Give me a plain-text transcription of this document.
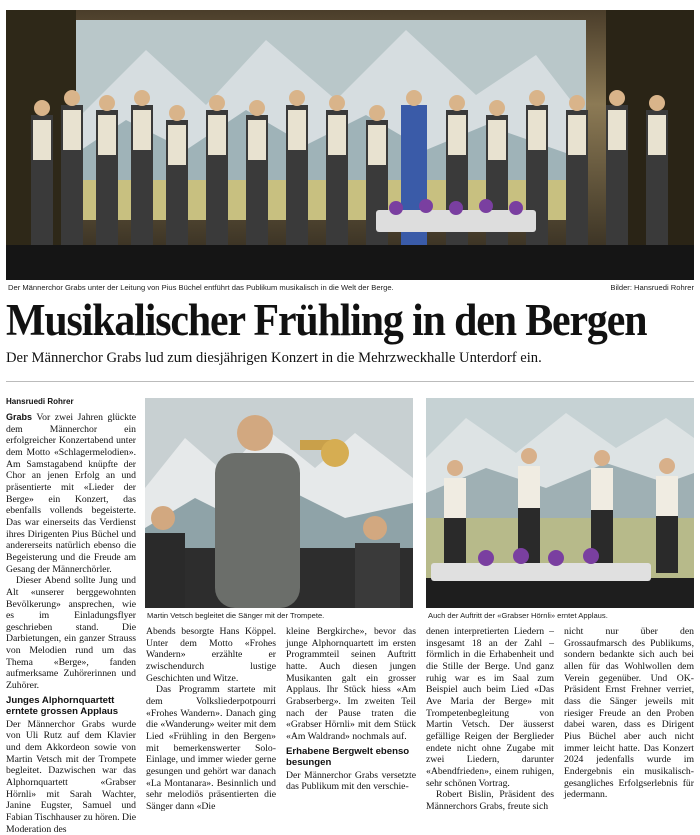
Der Männerchor Grabs unter der Leitung von Pius Büchel entführt das Publikum musikalisch in die Welt der Berge.	Bilder: Hansruedi Rohrer
Musikalischer Frühling in den Bergen
Der Männerchor Grabs lud zum diesjährigen Konzert in die Mehrzweckhalle Unterdorf ein.
Hansruedi Rohrer
Martin Vetsch begleitet die Sänger mit der Trompete.	Auch der Auftritt der «Grabser Hörnli» erntet Applaus.

Grabs Vor zwei Jahren glückte dem Männerchor ein erfolgreicher Konzertabend unter dem Motto «Schlagermelodien». Am Samstagabend knüpfte der Chor an jenen Erfolg an und präsentierte mit «Lieder der Berge» ein Konzert, das ebenfalls vollends begeisterte. Das war einerseits das Verdienst ihres Dirigenten Pius Büchel und andererseits natürlich ebenso die Begeisterung und die Freude am Gesang der Männerchörler.

Dieser Abend sollte Jung und Alt «unserer berggewohnten Bevölkerung» ansprechen, wie es im Einladungsflyer geschrieben stand. Die Darbietungen, ein ganzer Strauss von Melodien rund um das Thema «Berge», fanden aufmerksame Zuhörerinnen und Zuhörer.

Junges Alphornquartett erntete grossen Applaus

Der Männerchor Grabs wurde von Uli Rutz auf dem Klavier und dem Akkordeon sowie von Martin Vetsch mit der Trompete begleitet. Dazwischen war das Alphornquartett «Grabser Hörnli» mit Sarah Wachter, Janine Eugster, Samuel und Fabian Tischhauser zu hören. Die Moderation des

Abends besorgte Hans Köppel. Unter dem Motto «Frohes Wandern» erzählte er zwischendurch lustige Geschichten und Witze.

Das Programm startete mit dem Volksliederpotpourri «Frohes Wandern». Danach ging die «Wanderung» weiter mit dem Lied «Frühling in den Bergen» mit bemerkenswerter Solo-Einlage, und immer wieder gerne gesungen und gehört war danach «La Montanara». Besinnlich und sehr melodiös präsentierten die Sänger dann «Die

kleine Bergkirche», bevor das junge Alphornquartett im ersten Programmteil seinen Auftritt hatte. Auch diesen jungen Musikanten galt ein grosser Applaus. Ihr Stück hiess «Am Grabserberg». Im zweiten Teil nach der Pause traten die «Grabser Hörnli» mit dem Stück «Am Waldrand» nochmals auf.

Erhabene Bergwelt ebenso besungen

Der Männerchor Grabs versetzte das Publikum mit den verschie-

denen interpretierten Liedern – insgesamt 18 an der Zahl – förmlich in die Erhabenheit und die Stille der Berge. Und ganz ruhig war es im Saal zum Beispiel auch beim Lied «Das Ave Maria der Berge» mit Trompetenbegleitung von Martin Vetsch. Der äusserst gefällige Reigen der Berglieder endete nicht ohne Zugabe mit zwei Liedern, darunter «Abendfrieden», einem ruhigen, sehr schönen Vortrag.

Robert Bislin, Präsident des Männerchors Grabs, freute sich

nicht nur über den Grossaufmarsch des Publikums, sondern bedankte sich auch bei allen für das Wohlwollen dem Verein gegenüber. Und OK-Präsident Ernst Frehner verriet, dass die Sänger jeweils mit riesiger Freude an den Proben dabei waren, dass es Dirigent Pius Büchel aber auch nicht immer leicht hatte. Das Konzert 2024 jedenfalls wurde im Endergebnis ein musikalisch-gesangliches Erfolgserlebnis für jedermann.
